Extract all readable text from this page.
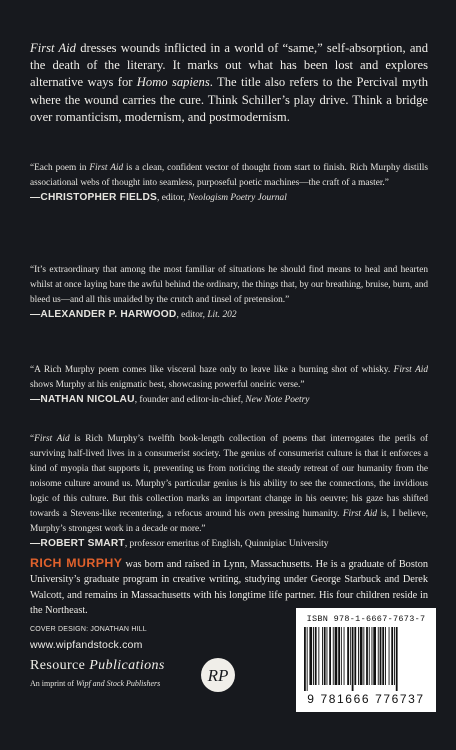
First Aid dresses wounds inflicted in a world of “same,” self-absorption, and the death of the literary. It marks out what has been lost and explores alternative ways for Homo sapiens. The title also refers to the Percival myth where the wound carries the cure. Think Schiller’s play drive. Think a bridge over romanticism, modernism, and postmodernism.

“Each poem in First Aid is a clean, confident vector of thought from start to finish. Rich Murphy distills associational webs of thought into seamless, purposeful poetic machines—the craft of a master.”
—CHRISTOPHER FIELDS, editor, Neologism Poetry Journal
“It’s extraordinary that among the most familiar of situations he should find means to heal and hearten whilst at once laying bare the awful behind the ordinary, the things that, by our breathing, bruise, burn, and bleed us—and all this unaided by the crutch and tinsel of pretension.”
—ALEXANDER P. HARWOOD, editor, Lit. 202
“A Rich Murphy poem comes like visceral haze only to leave like a burning shot of whisky. First Aid shows Murphy at his enigmatic best, showcasing powerful oneiric verse.”
—NATHAN NICOLAU, founder and editor-in-chief, New Note Poetry
“First Aid is Rich Murphy’s twelfth book-length collection of poems that interrogates the perils of surviving half-lived lives in a consumerist society. The genius of consumerist culture is that it enforces a kind of myopia that supports it, preventing us from noticing the steady retreat of our humanity from the noisome culture around us. Murphy’s particular genius is his ability to see the connections, the invidious logic of this culture. But this collection marks an important change in his oeuvre; his gaze has shifted towards a Stevens-like recentering, a refocus around his own pressing humanity. First Aid is, I believe, Murphy’s strongest work in a decade or more.”
—ROBERT SMART, professor emeritus of English, Quinnipiac University

RICH MURPHY was born and raised in Lynn, Massachusetts. He is a graduate of Boston University’s graduate program in creative writing, studying under George Starbuck and Derek Walcott, and remains in Massachusetts with his longtime life partner. His four children reside in the Northeast.

COVER DESIGN: JONATHAN HILL
www.wipfandstock.com
Resource Publications
An imprint of Wipf and Stock Publishers	RP
ISBN 978-1-6667-7673-7
9 781666 776737
